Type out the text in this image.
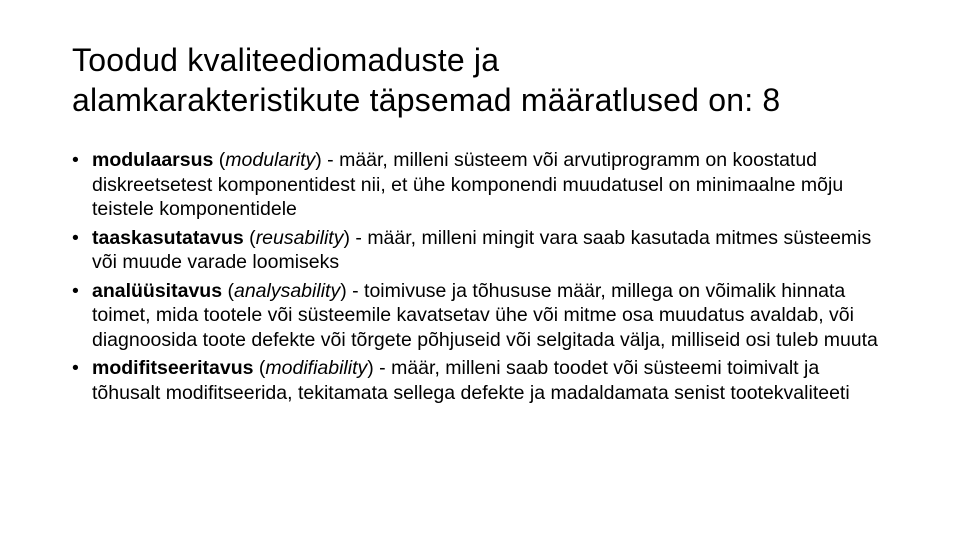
Toodud kvaliteediomaduste ja
alamkarakteristikute täpsemad määratlused on: 8
• modulaarsus (modularity) - määr, milleni süsteem või arvutiprogramm on koostatud diskreetsetest komponentidest nii, et ühe komponendi muudatusel on minimaalne mõju teistele komponentidele
• taaskasutatavus (reusability) - määr, milleni mingit vara saab kasutada mitmes süsteemis või muude varade loomiseks
• analüüsitavus (analysability) - toimivuse ja tõhususe määr, millega on võimalik hinnata toimet, mida tootele või süsteemile kavatsetav ühe või mitme osa muudatus avaldab, või diagnoosida toote defekte või tõrgete põhjuseid või selgitada välja, milliseid osi tuleb muuta
• modifitseeritavus (modifiability) - määr, milleni saab toodet või süsteemi toimivalt ja tõhusalt modifitseerida, tekitamata sellega defekte ja madaldamata senist tootekvaliteeti
